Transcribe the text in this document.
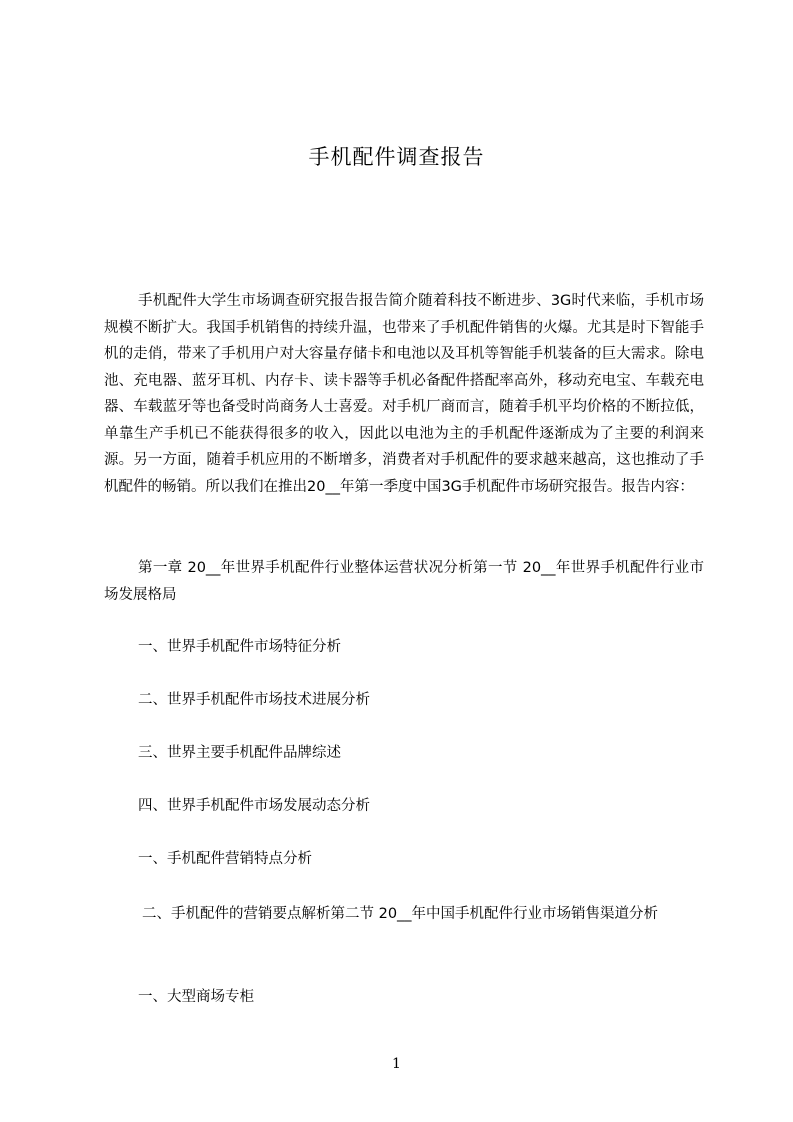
手机配件调查报告

手机配件大学生市场调查研究报告报告简介随着科技不断进步、3G时代来临，手机市场规模不断扩大。我国手机销售的持续升温，也带来了手机配件销售的火爆。尤其是时下智能手机的走俏，带来了手机用户对大容量存储卡和电池以及耳机等智能手机装备的巨大需求。除电池、充电器、蓝牙耳机、内存卡、读卡器等手机必备配件搭配率高外，移动充电宝、车载充电器、车载蓝牙等也备受时尚商务人士喜爱。对手机厂商而言，随着手机平均价格的不断拉低，单靠生产手机已不能获得很多的收入，因此以电池为主的手机配件逐渐成为了主要的利润来源。另一方面，随着手机应用的不断增多，消费者对手机配件的要求越来越高，这也推动了手机配件的畅销。所以我们在推出20__年第一季度中国3G手机配件市场研究报告。报告内容：

第一章 20__年世界手机配件行业整体运营状况分析第一节 20__年世界手机配件行业市场发展格局

一、世界手机配件市场特征分析

二、世界手机配件市场技术进展分析

三、世界主要手机配件品牌综述

四、世界手机配件市场发展动态分析

一、手机配件营销特点分析

二、手机配件的营销要点解析第二节 20__年中国手机配件行业市场销售渠道分析

一、大型商场专柜

1
